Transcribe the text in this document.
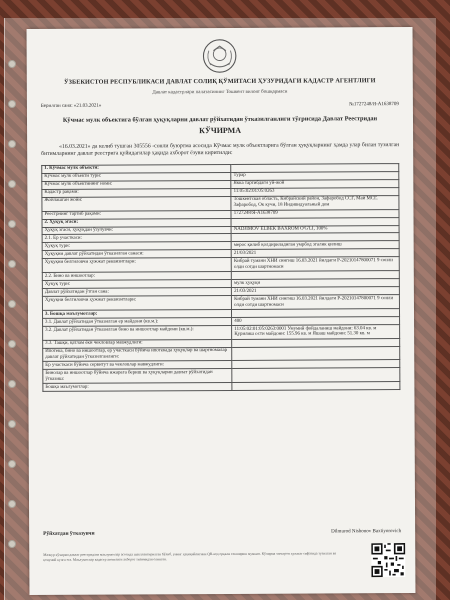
ЎЗБЕКИСТОН РЕСПУБЛИКАСИ ДАВЛАТ СОЛИҚ ҚЎМИТАСИ ҲУЗУРИДАГИ КАДАСТР АГЕНТЛИГИ
Давлат кадастрлари палатасининг Тошкент вилоят бошқармаси
Берилган сана: «21.03.2021»	№1727248/Я-A1638709
Кўчмас мулк объектига бўлган ҳуқуқларни давлат рўйхатидан ўтказилганлиги тўғрисида Давлат Реестридан
КЎЧИРМА

«16.03.2021» да келиб тушган 305556 -сонли буюртма асосида Кўчмас мулк объектларига бўлган ҳуқуқларнинг ҳамда улар билан тузилган битимларнинг давлат реестрига қуйидагилар ҳақида ахборот ёзуви киритилди:

1. Кўчмас мулк объекти:	
Кўчмас мулк объекти тури:	Турар
Кўчмас мулк объектининг номи:	Якка тартибдаги уй-жой
Кадастр рақами:	11:05:02:01:05:0263
Жойлашган жойи:	Тошкентская область, Кибрайский район, Зафаробод ССГ, Май МСГ, Зафаробод, Ок кучи, 18 Индивидуальный дом
Реестрнинг тартиб рақами:	1727248/Я-A1638709
2. Ҳуқуқ эгаси:	
Ҳуқуқ эгаси, ҳуқуқдан ўзулувчи:	NADJIMOV ELBEK BAXROM O'G'LI, 100%
2.1. Ер участкаси:	
Ҳуқуқ тури:	мерос қилиб қолдириладиган умрбод эгалик қилиш
Ҳуқуқни давлат рўйхатидан ўтказилган санаси:	21/03/2021
Ҳуқуқни белгиловчи ҳужжат реквизитлари:	Кибрай тумани ХНИ сингиш 16.03.2021 йилдаги Р-20210147800071 9 сонли олди сотди шартномаси
2.2. Бино ва иншоотлар:	
Ҳуқуқ тури:	мулк ҳуқуқи
Давлат рўйхатидан ўтган сана:	21/03/2021
Ҳуқуқни белгиловчи ҳужжат реквизитлари:	Кибрай тумани ХНИ сингиш 16.03.2021 йилдаги Р-20210147800071 9 сонли олди сотди шартномаси
3. Бошқа маълумотлар:	
3.1. Давлат рўйхатидан ўтказилган ер майдони (кв.м.):	400
3.2. Давлат рўйхатидан ўтказилган бино ва иншоотлар майдони (кв.м.):	11:05:02:01:05:0263:0001 Умумий фойдаланиш майдони: 63.04 кв. м Қурилиш ости майдони: 155.96 кв. м Яшаш майдони: 51.30 кв. м
3.3. Ташқи, қатлам ёки чекловлар мавжудлиги:	
Ипотека, бино ва иншоотлар, ер участкаси бўйича ипотекада ҳуқуқлар ва шартномалар давлат рўйхатидан ўтказилганлиги:	
Ер участкаси бўйича сервитут ва чекловлар мавжудлиги:	
Бинолар ва иншоотлар бўйича ижарага бериш ва ҳуқуқларни давлат рўйхатидан ўтказиш:	
Бошқа маълумотлар:	
Рўйхатдан ўтказувчи	Dilmurod Nishonov Baxtiyorovich

Мазкур кўчирма давлат реестридаги маълумотлар асосида шакллантирилган бўлиб, унинг ҳақиқийлигини QR-код орқали текшириш мумкин. Кўчирма электрон ҳужжат сифатида тузилган ва қонуний кучга эга. Маълумотлар кадастр агентлиги ахборот тизимидан олинган.
